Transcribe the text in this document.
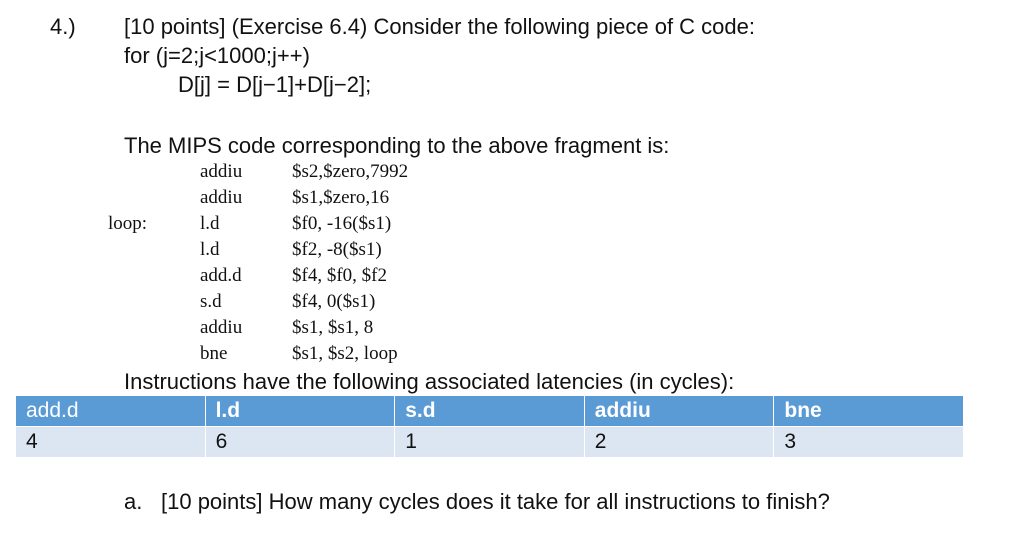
4.) [10 points] (Exercise 6.4) Consider the following piece of C code:
for (j=2;j<1000;j++)
D[j] = D[j−1]+D[j−2];
The MIPS code corresponding to the above fragment is:
addiu	$s2,$zero,7992
addiu	$s1,$zero,16
loop:	l.d	$f0, -16($s1)
l.d	$f2, -8($s1)
add.d	$f4, $f0, $f2
s.d	$f4, 0($s1)
addiu	$s1, $s1, 8
bne	$s1, $s2, loop
Instructions have the following associated latencies (in cycles):
add.d	l.d	s.d	addiu	bne
4	6	1	2	3
a. [10 points] How many cycles does it take for all instructions to finish?
